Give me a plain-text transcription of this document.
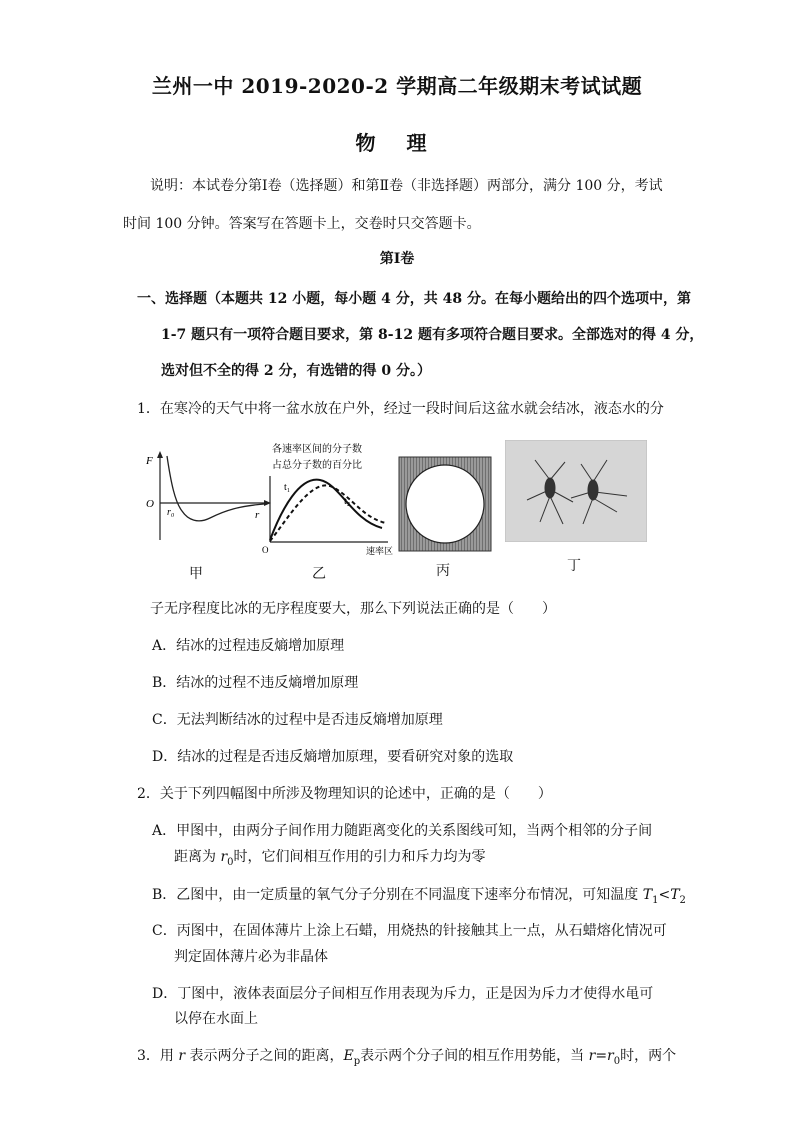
兰州一中 2019-2020-2 学期高二年级期末考试试题
物 理
说明：本试卷分第Ⅰ卷（选择题）和第Ⅱ卷（非选择题）两部分，满分 100 分，考试
时间 100 分钟。答案写在答题卡上，交卷时只交答题卡。
第Ⅰ卷
一、选择题（本题共 12 小题，每小题 4 分，共 48 分。在每小题给出的四个选项中，第
1-7 题只有一项符合题目要求，第 8-12 题有多项符合题目要求。全部选对的得 4 分，
选对但不全的得 2 分，有选错的得 0 分。）
1．在寒冷的天气中将一盆水放在户外，经过一段时间后这盆水就会结冰，液态水的分
F
O
r₀	r
各速率区间的分子数
占总分子数的百分比
t₁
t₂
O	速率区
甲	乙	丙	丁
子无序程度比冰的无序程度要大，那么下列说法正确的是（　　）
A．结冰的过程违反熵增加原理
B．结冰的过程不违反熵增加原理
C．无法判断结冰的过程中是否违反熵增加原理
D．结冰的过程是否违反熵增加原理，要看研究对象的选取
2．关于下列四幅图中所涉及物理知识的论述中，正确的是（　　）
A．甲图中，由两分子间作用力随距离变化的关系图线可知，当两个相邻的分子间
距离为 $r_0$时，它们间相互作用的引力和斥力均为零
B．乙图中，由一定质量的氧气分子分别在不同温度下速率分布情况，可知温度 $T_1<T_2$
C．丙图中，在固体薄片上涂上石蜡，用烧热的针接触其上一点，从石蜡熔化情况可
判定固体薄片必为非晶体
D．丁图中，液体表面层分子间相互作用表现为斥力，正是因为斥力才使得水黾可
以停在水面上
3．用 r 表示两分子之间的距离，$E_p$表示两个分子间的相互作用势能，当 $r=r_0$时，两个
